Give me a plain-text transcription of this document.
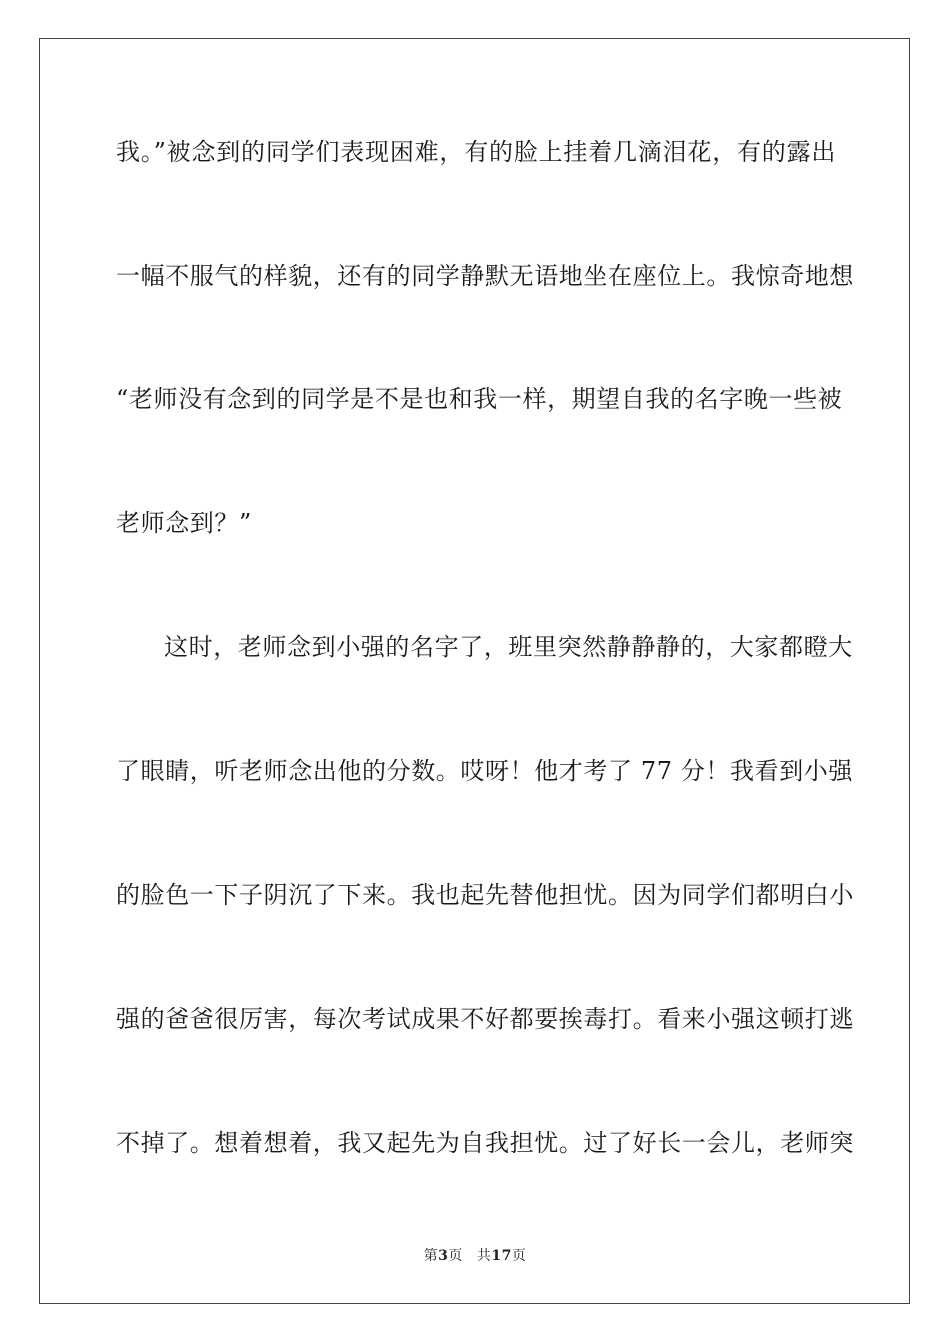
我。”被念到的同学们表现困难，有的脸上挂着几滴泪花，有的露出
一幅不服气的样貌，还有的同学静默无语地坐在座位上。我惊奇地想
“老师没有念到的同学是不是也和我一样，期望自我的名字晚一些被
老师念到？”
这时，老师念到小强的名字了，班里突然静静静的，大家都瞪大
了眼睛，听老师念出他的分数。哎呀！他才考了 77 分！我看到小强
的脸色一下子阴沉了下来。我也起先替他担忧。因为同学们都明白小
强的爸爸很厉害，每次考试成果不好都要挨毒打。看来小强这顿打逃
不掉了。想着想着，我又起先为自我担忧。过了好长一会儿，老师突
第3页 共17页
